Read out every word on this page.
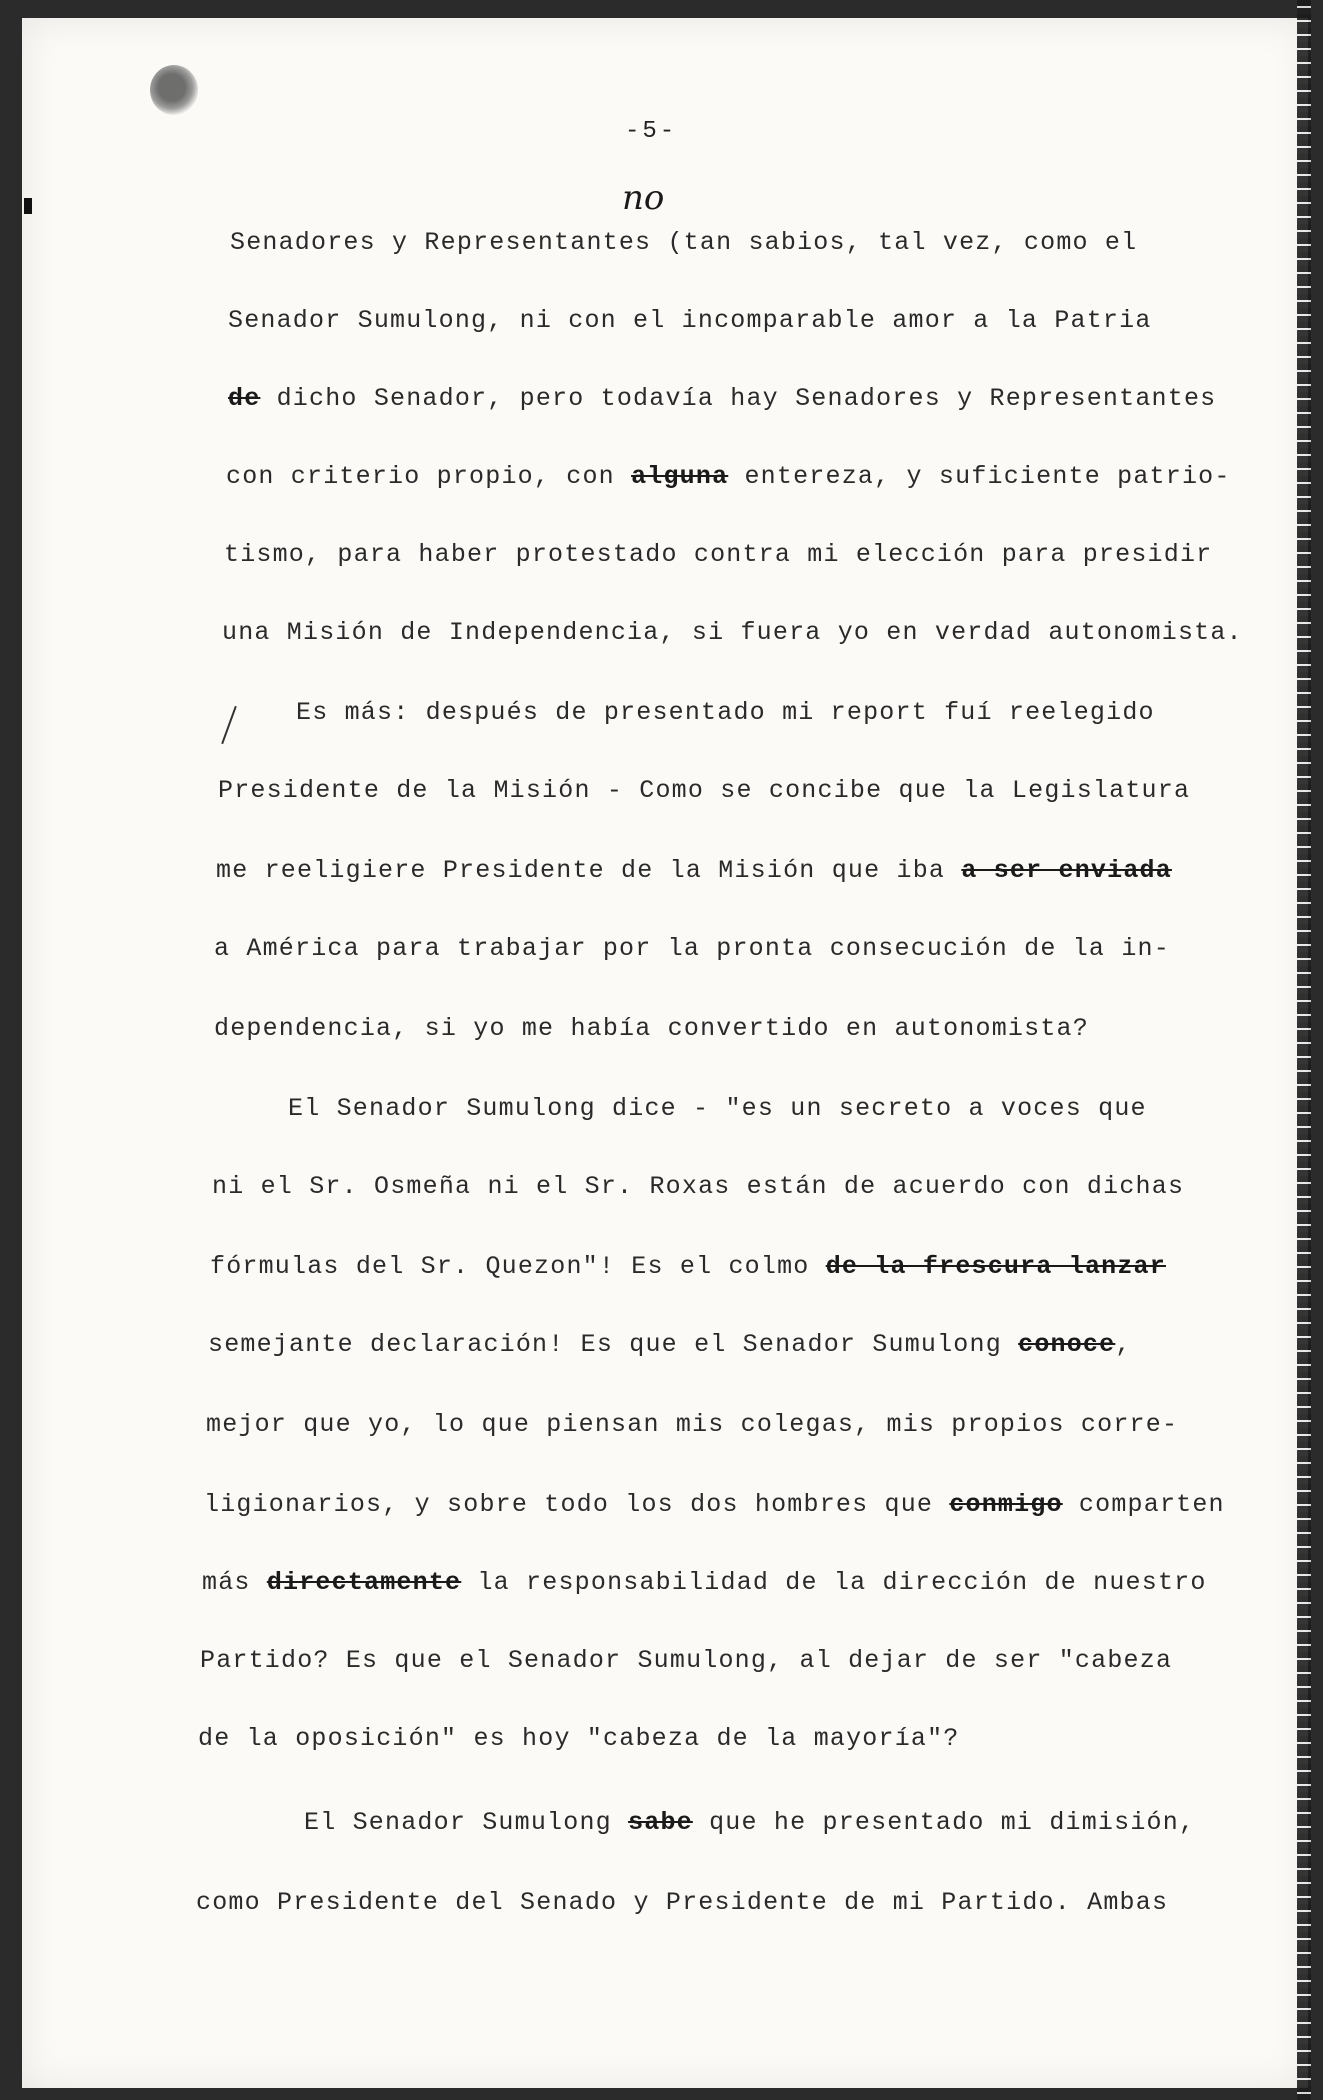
-5-
no
Senadores y Representantes (tan sabios, tal vez, como el
Senador Sumulong, ni con el incomparable amor a la Patria
de dicho Senador, pero todavía hay Senadores y Representantes
con criterio propio, con alguna entereza, y suficiente patrio-
tismo, para haber protestado contra mi elección para presidir
una Misión de Independencia, si fuera yo en verdad autonomista.
Es más: después de presentado mi report fuí reelegido
Presidente de la Misión - Como se concibe que la Legislatura
me reeligiere Presidente de la Misión que iba a ser enviada
a América para trabajar por la pronta consecución de la in-
dependencia, si yo me había convertido en autonomista?
El Senador Sumulong dice - "es un secreto a voces que
ni el Sr. Osmeña ni el Sr. Roxas están de acuerdo con dichas
fórmulas del Sr. Quezon"! Es el colmo de la frescura lanzar
semejante declaración! Es que el Senador Sumulong conoce,
mejor que yo, lo que piensan mis colegas, mis propios corre-
ligionarios, y sobre todo los dos hombres que conmigo comparten
más directamente la responsabilidad de la dirección de nuestro
Partido? Es que el Senador Sumulong, al dejar de ser "cabeza
de la oposición" es hoy "cabeza de la mayoría"?
El Senador Sumulong sabe que he presentado mi dimisión,
como Presidente del Senado y Presidente de mi Partido. Ambas
